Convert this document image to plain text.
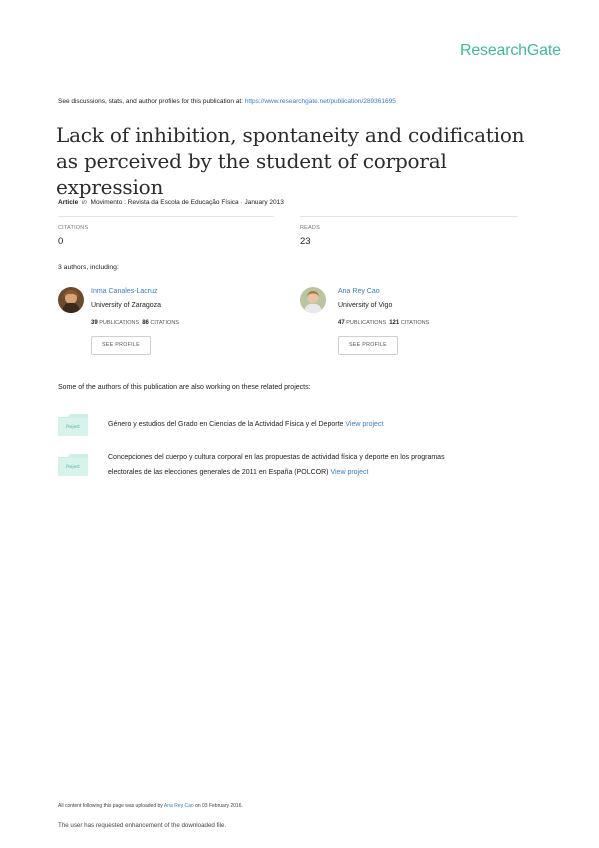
ResearchGate
See discussions, stats, and author profiles for this publication at: https://www.researchgate.net/publication/289361695
Lack of inhibition, spontaneity and codification as perceived by the student of corporal expression
Article in Movimento : Revista da Escola de Educação Física · January 2013
CITATIONS
0
READS
23
3 authors, including:
Inma Canales-Lacruz
University of Zaragoza
39 PUBLICATIONS 86 CITATIONS
SEE PROFILE
Ana Rey Cao
University of Vigo
47 PUBLICATIONS 121 CITATIONS
SEE PROFILE
Some of the authors of this publication are also working on these related projects:
Project	Género y estudios del Grado en Ciencias de la Actividad Física y el Deporte View project
Project
Concepciones del cuerpo y cultura corporal en las propuestas de actividad física y deporte en los programas
electorales de las elecciones generales de 2011 en España (POLCOR) View project
All content following this page was uploaded by Ana Rey Cao on 03 February 2016.
The user has requested enhancement of the downloaded file.
